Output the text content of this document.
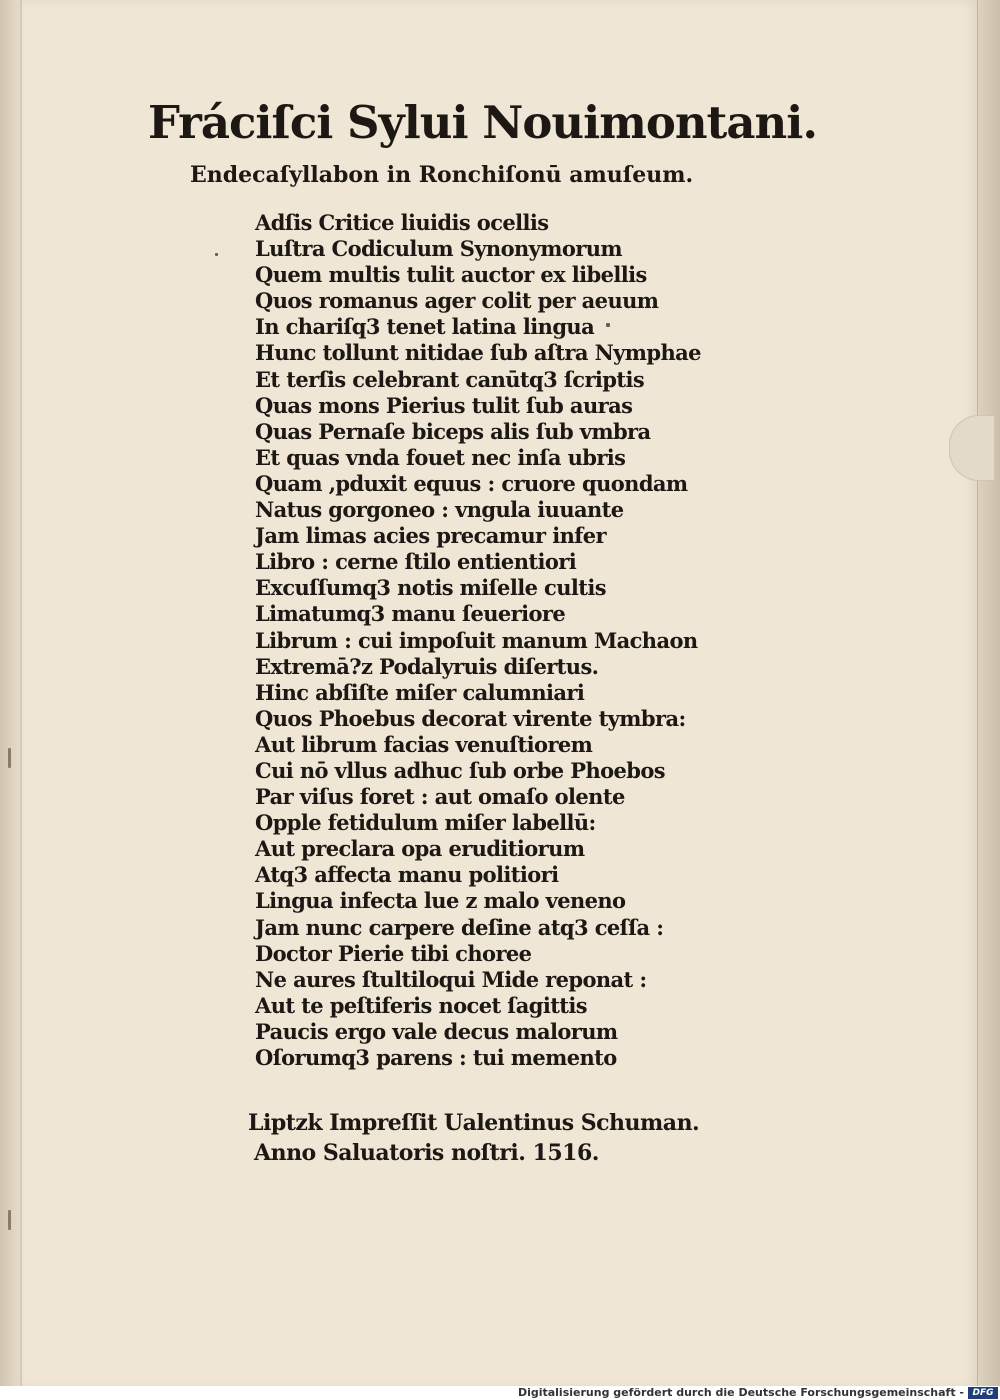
Fráciſci Sylui Nouimontani.
Endecaſyllabon in Ronchiſonū amuſeum.
Adſis Critice liuidis ocellis
Luſtra Codiculum Synonymorum
Quem multis tulit auctor ex libellis
Quos romanus ager colit per aeuum
In chariſq3 tenet latina lingua
Hunc tollunt nitidae ſub aſtra Nymphae
Et terſis celebrant canūtq3 ſcriptis
Quas mons Pierius tulit ſub auras
Quas Pernaſe biceps alis ſub vmbra
Et quas vnda fouet nec inſa ubris
Quam ,pduxit equus : cruore quondam
Natus gorgoneo : vngula iuuante
Jam limas acies precamur infer
Libro : cerne ſtilo entientiori
Excuſſumq3 notis miſelle cultis
Limatumq3 manu ſeueriore
Librum : cui impoſuit manum Machaon
Extremā?z Podalyruis diſertus.
Hinc abſiſte miſer calumniari
Quos Phoebus decorat virente tymbra:
Aut librum facias venuſtiorem
Cui nō vllus adhuc ſub orbe Phoebos
Par viſus foret : aut omaſo olente
Opple fetidulum miſer labellū:
Aut preclara opa eruditiorum
Atq3 affecta manu politiori
Lingua infecta lue z malo veneno
Jam nunc carpere deſine atq3 ceſſa :
Doctor Pierie tibi choree
Ne aures ſtultiloqui Mide reponat :
Aut te peſtiferis nocet ſagittis
Paucis ergo vale decus malorum
Oſorumq3 parens : tui memento
Liptzk Impreſſit Ualentinus Schuman.
Anno Saluatoris noſtri. 1516.
Digitalisierung gefördert durch die Deutsche Forschungsgemeinschaft - DFG
